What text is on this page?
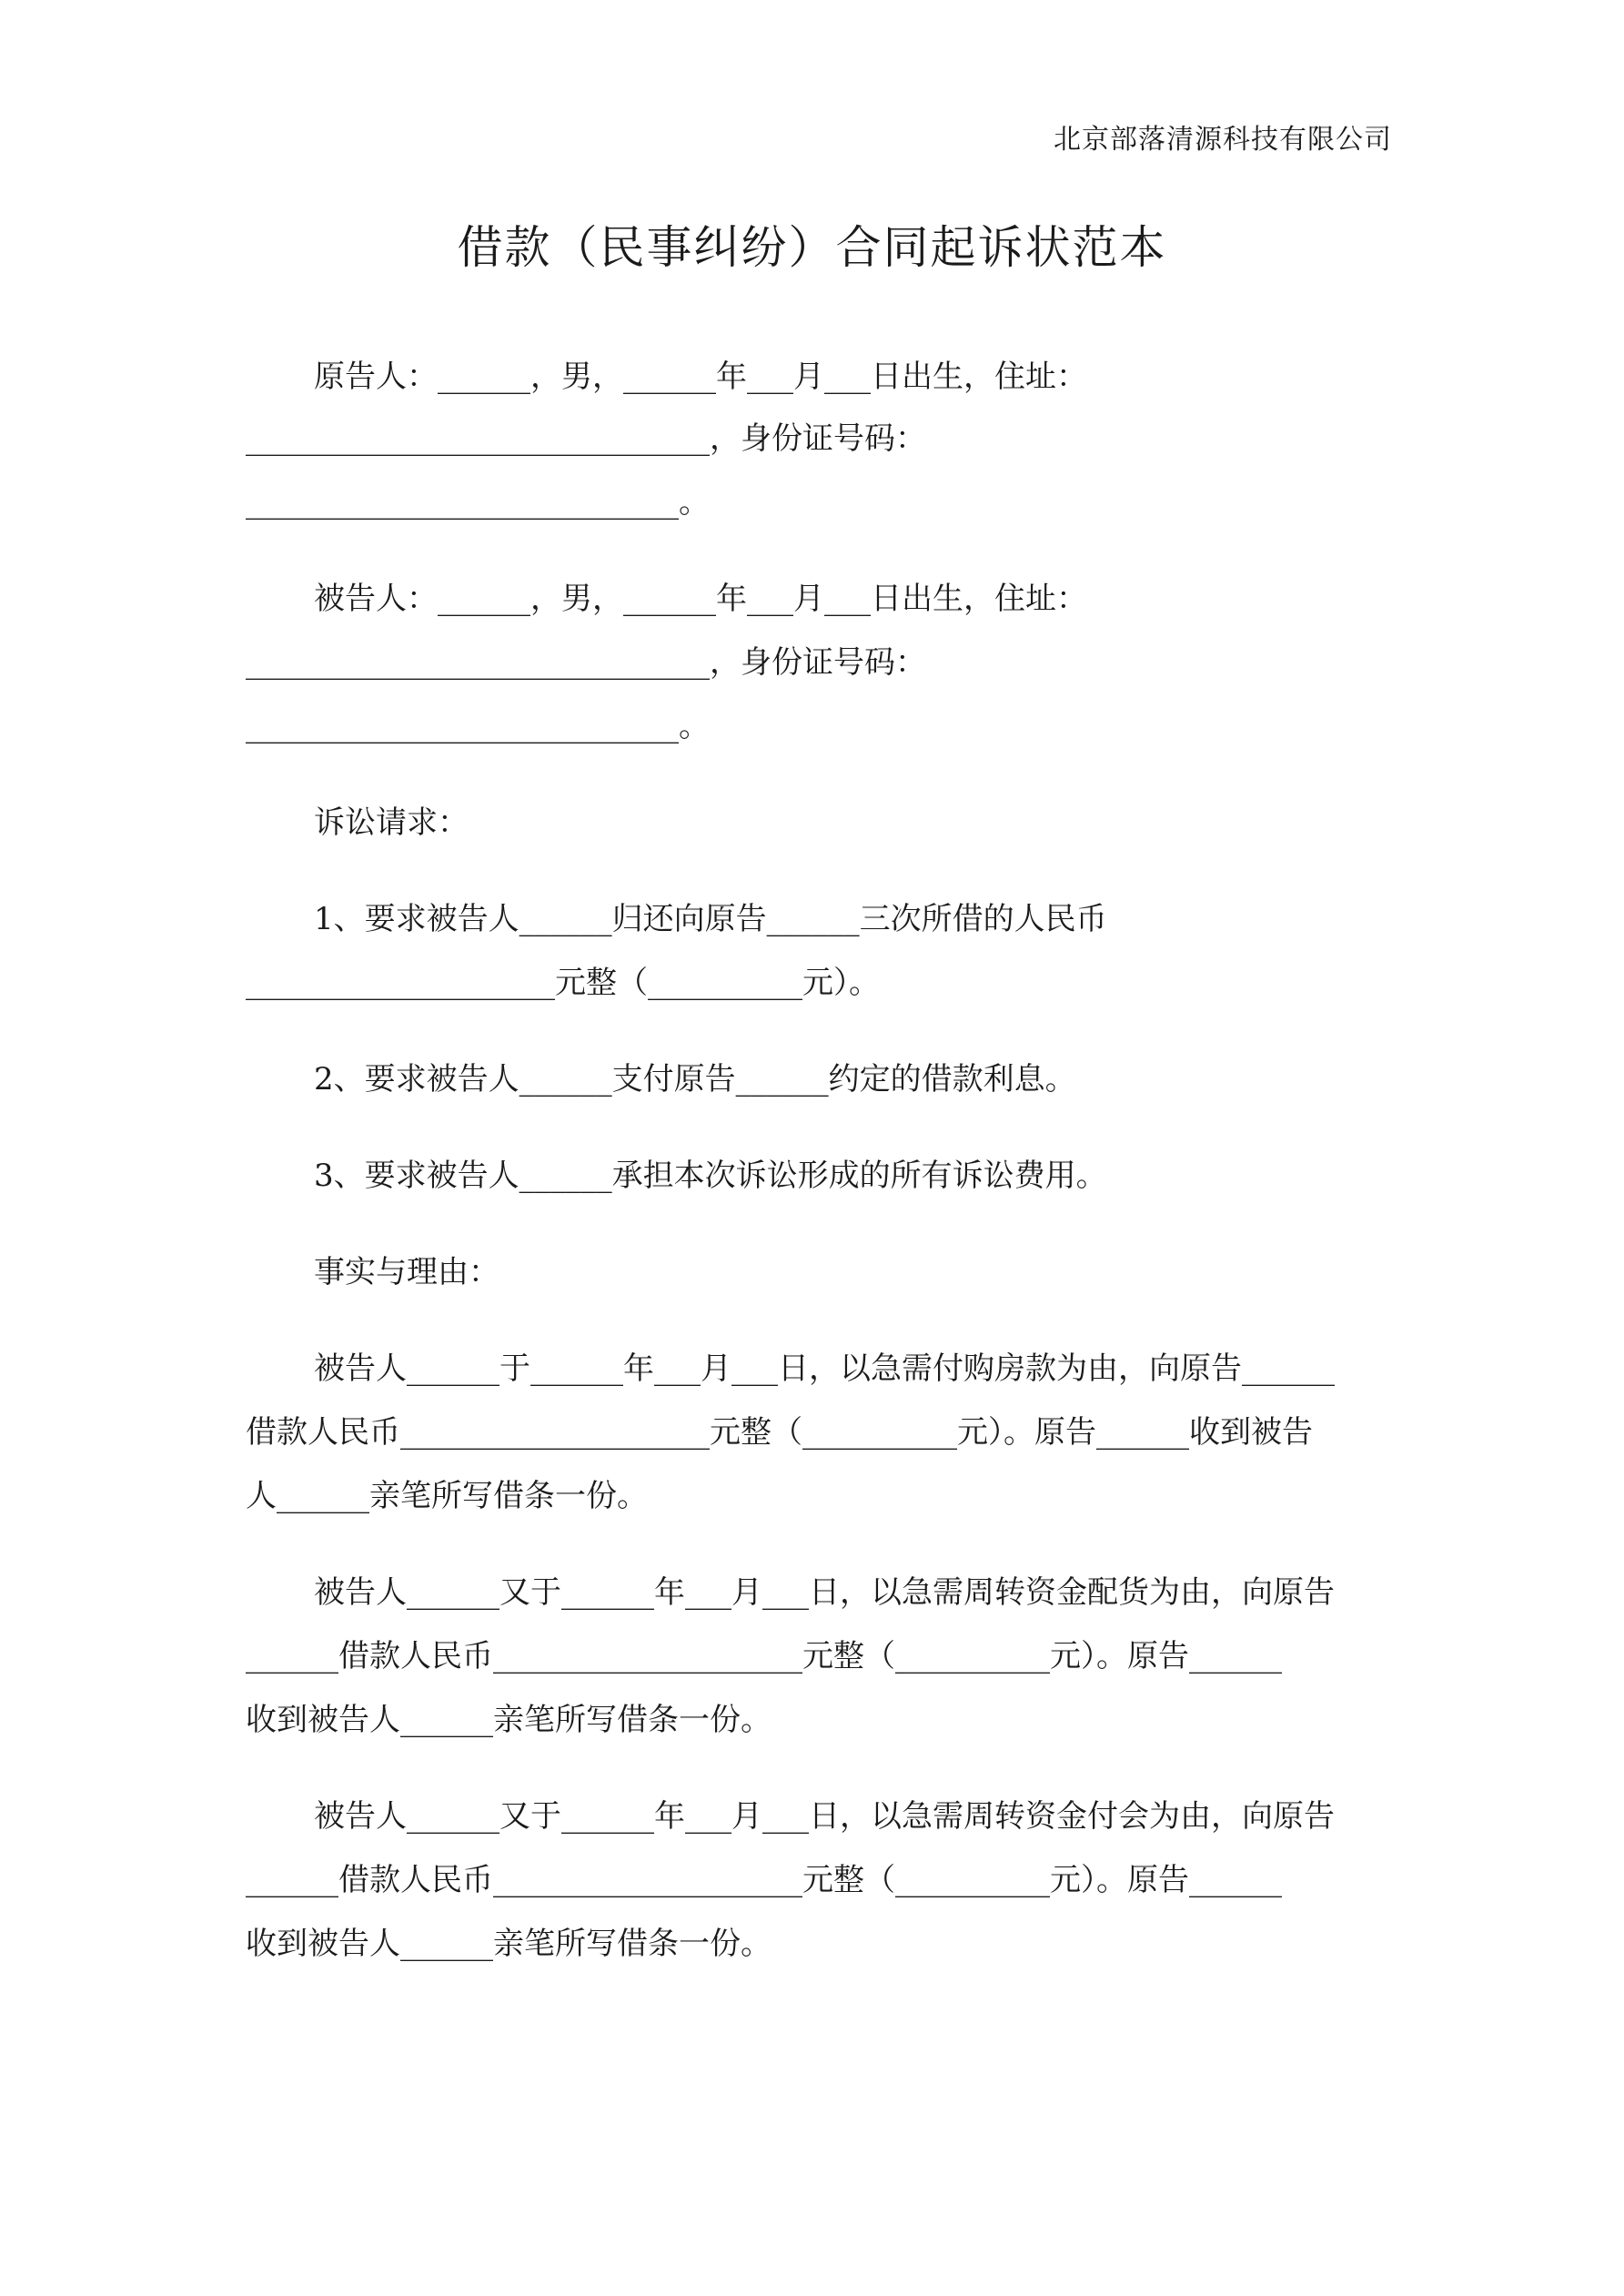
北京部落清源科技有限公司
借款（民事纠纷）合同起诉状范本
原告人：______，男，______年___月___日出生，住址：
______________________________，身份证号码：
____________________________。
被告人：______，男，______年___月___日出生，住址：
______________________________，身份证号码：
____________________________。
诉讼请求：
1、要求被告人______归还向原告______三次所借的人民币
____________________元整（__________元）。
2、要求被告人______支付原告______约定的借款利息。
3、要求被告人______承担本次诉讼形成的所有诉讼费用。
事实与理由：
被告人______于______年___月___日，以急需付购房款为由，向原告______
借款人民币____________________元整（__________元）。原告______收到被告
人______亲笔所写借条一份。
被告人______又于______年___月___日，以急需周转资金配货为由，向原告
______借款人民币____________________元整（__________元）。原告______
收到被告人______亲笔所写借条一份。
被告人______又于______年___月___日，以急需周转资金付会为由，向原告
______借款人民币____________________元整（__________元）。原告______
收到被告人______亲笔所写借条一份。
